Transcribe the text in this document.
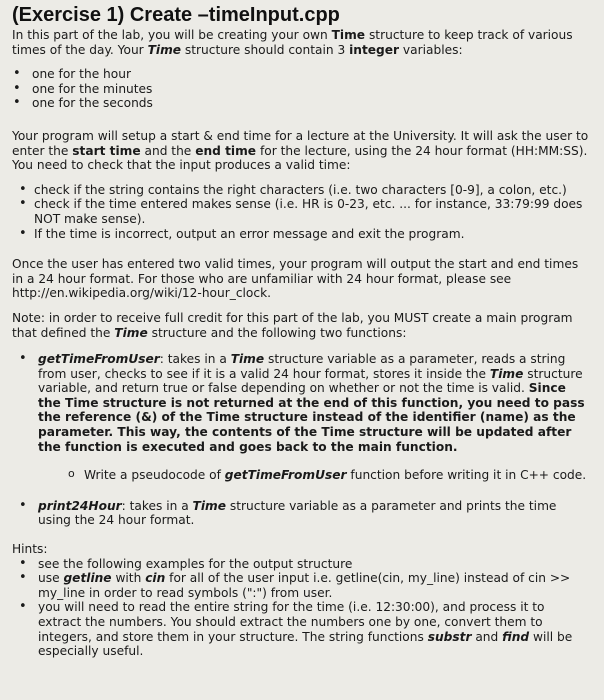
(Exercise 1) Create –timeInput.cpp

In this part of the lab, you will be creating your own Time structure to keep track of various times of the day. Your Time structure should contain 3 integer variables:

• one for the hour
• one for the minutes
• one for the seconds

Your program will setup a start & end time for a lecture at the University. It will ask the user to enter the start time and the end time for the lecture, using the 24 hour format (HH:MM:SS). You need to check that the input produces a valid time:

• check if the string contains the right characters (i.e. two characters [0-9], a colon, etc.)
• check if the time entered makes sense (i.e. HR is 0-23, etc. ... for instance, 33:79:99 does NOT make sense).
• If the time is incorrect, output an error message and exit the program.

Once the user has entered two valid times, your program will output the start and end times in a 24 hour format. For those who are unfamiliar with 24 hour format, please see http://en.wikipedia.org/wiki/12-hour_clock.

Note: in order to receive full credit for this part of the lab, you MUST create a main program that defined the Time structure and the following two functions:

• getTimeFromUser: takes in a Time structure variable as a parameter, reads a string from user, checks to see if it is a valid 24 hour format, stores it inside the Time structure variable, and return true or false depending on whether or not the time is valid. Since the Time structure is not returned at the end of this function, you need to pass the reference (&) of the Time structure instead of the identifier (name) as the parameter. This way, the contents of the Time structure will be updated after the function is executed and goes back to the main function.
o Write a pseudocode of getTimeFromUser function before writing it in C++ code.
• print24Hour: takes in a Time structure variable as a parameter and prints the time using the 24 hour format.

Hints:

• see the following examples for the output structure
• use getline with cin for all of the user input i.e. getline(cin, my_line) instead of cin >> my_line in order to read symbols (":") from user.
• you will need to read the entire string for the time (i.e. 12:30:00), and process it to extract the numbers. You should extract the numbers one by one, convert them to integers, and store them in your structure. The string functions substr and find will be especially useful.
